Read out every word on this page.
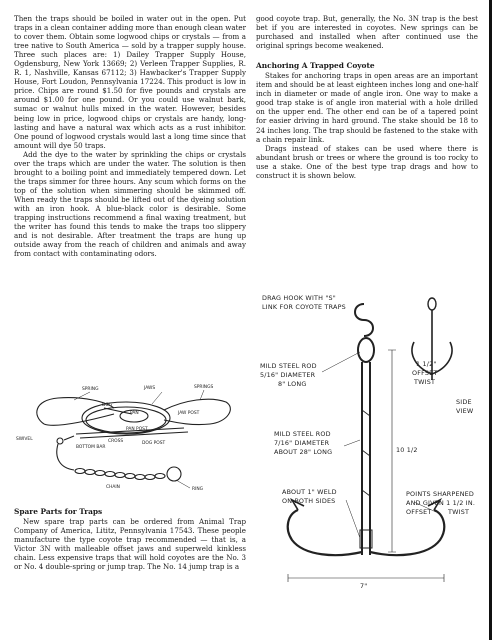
Then the traps should be boiled in water out in the open. Put traps in a clean container adding more than enough clean water to cover them. Obtain some logwood chips or crystals — from a tree native to South America — sold by a trapper supply house. Three such places are: 1) Dailey Trapper Supply House, Ogdensburg, New York 13669; 2) Verleen Trapper Supplies, R. R. 1, Nashville, Kansas 67112; 3) Hawbacker's Trapper Supply House, Fort Loudon, Pennsylvania 17224. This product is low in price. Chips are round $1.50 for five pounds and crystals are around $1.00 for one pound. Or you could use walnut bark, sumac or walnut hulls mixed in the water. However, besides being low in price, logwood chips or crystals are handy, long-lasting and have a natural wax which acts as a rust inhibitor. One pound of logwood crystals would last a long time since that amount will dye 50 traps.

Add the dye to the water by sprinkling the chips or crystals over the traps which are under the water. The solution is then brought to a boiling point and immediately tempered down. Let the traps simmer for three hours. Any scum which forms on the top of the solution when simmering should be skimmed off. When ready the traps should be lifted out of the dyeing solution with an iron hook. A blue-black color is desirable. Some trapping instructions recommend a final waxing treatment, but the writer has found this tends to make the traps too slippery and is not desirable. After treatment the traps are hung up outside away from the reach of children and animals and away from contact with contaminating odors.

SPRING	JAWS
DOG
SPRINGS
PAN	JAW POST
SWIVEL
PAN POST
BOTTOM BAR
CROSS	DOG POST
CHAIN	RING
Spare Parts for Traps

New spare trap parts can be ordered from Animal Trap Company of America, Lititz, Pennsylvania 17543. These people manufacture the type coyote trap recommended — that is, a Victor 3N with malleable offset jaws and superweld kinkless chain. Less expensive traps that will hold coyotes are the No. 3 or No. 4 double-spring or jump trap. The No. 14 jump trap is a

good coyote trap. But, generally, the No. 3N trap is the best bet if you are interested in coyotes. New springs can be purchased and installed when after continued use the original springs become weakened.

Anchoring A Trapped Coyote

Stakes for anchoring traps in open areas are an important item and should be at least eighteen inches long and one-half inch in diameter or made of angle iron. One way to make a good trap stake is of angle iron material with a hole drilled on the upper end. The other end can be of a tapered point for easier driving in hard ground. The stake should be 18 to 24 inches long. The trap should be fastened to the stake with a chain repair link.

Drags instead of stakes can be used where there is abundant brush or trees or where the ground is too rocky to use a stake. One of the best type trap drags and how to construct it is shown below.

DRAG HOOK WITH "S"
LINK FOR COYOTE TRAPS
MILD STEEL ROD
5/16" DIAMETER
8" LONG
1 1/2"
OFFSET
TWIST
SIDE
VIEW
MILD STEEL ROD
7/16" DIAMETER
ABOUT 28" LONG	10 1/2
ABOUT 1" WELD
ON BOTH SIDES
POINTS SHARPENED
AND GIVEN 1 1/2 IN.
OFFSET	TWIST
7"
